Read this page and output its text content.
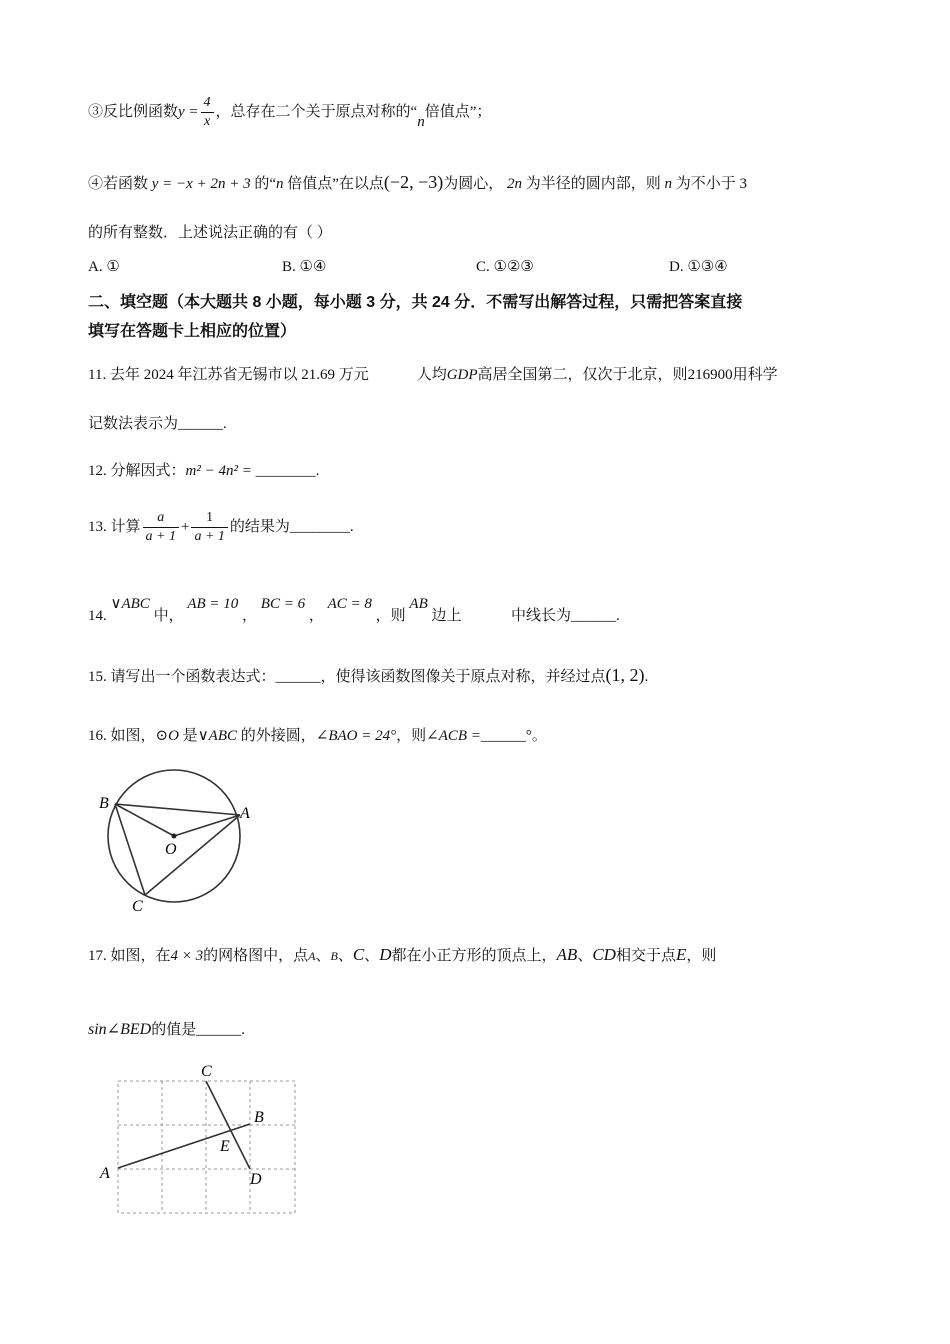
③反比例函数$y = \frac{4}{x}$ ，总存在二个关于原点对称的“n倍值点”；
④若函数 y = −x + 2n + 3 的“n 倍值点”在以点(−2, −3)为圆心， 2n 为半径的圆内部，则 n 为不小于 3
的所有整数．上述说法正确的有（ ）
A. ①	B. ①④	C. ①②③	D. ①③④
二、填空题（本大题共 8 小题，每小题 3 分，共 24 分．不需写出解答过程，只需把答案直接
填写在答题卡上相应的位置）
11. 去年 2024 年江苏省无锡市以 21.69 万元	人均GDP高居全国第二，仅次于北京，则216900用科学
记数法表示为______.
12. 分解因式：m² − 4n² = ________.
13. 计算 $\frac{a}{a + 1} + \frac{1}{a + 1}$ 的结果为________.
14. ∨ABC 中， AB = 10 ， BC = 6 ， AC = 8 ，则 AB 边上	中线长为______.
15. 请写出一个函数表达式：______，使得该函数图像关于原点对称，并经过点(1, 2).
16. 如图，⊙O 是∨ABC 的外接圆，∠BAO = 24°，则∠ACB =______°。
B
A
O
C
17. 如图，在4 × 3的网格图中，点A、B、C、D都在小正方形的顶点上，AB、CD相交于点E，则
sin∠BED的值是______.
C
B
E
A	D
